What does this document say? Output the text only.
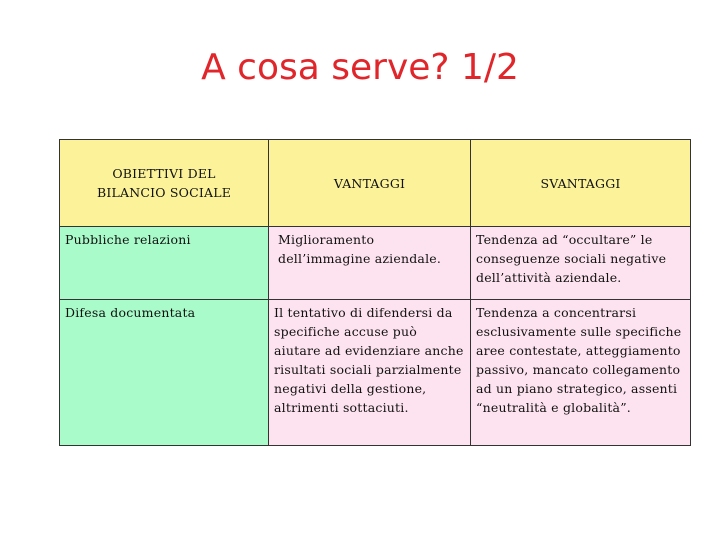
A cosa serve? 1/2
OBIETTIVI DEL BILANCIO SOCIALE	VANTAGGI	SVANTAGGI
Pubbliche relazioni	Miglioramento dell’immagine aziendale.	Tendenza ad “occultare” le conseguenze sociali negative dell’attività aziendale.
Difesa documentata	Il tentativo di difendersi da specifiche accuse può aiutare ad evidenziare anche risultati sociali parzialmente negativi della gestione, altrimenti sottaciuti.	Tendenza a concentrarsi esclusivamente sulle specifiche aree contestate, atteggiamento passivo, mancato collegamento ad un piano strategico, assenti “neutralità e globalità”.
